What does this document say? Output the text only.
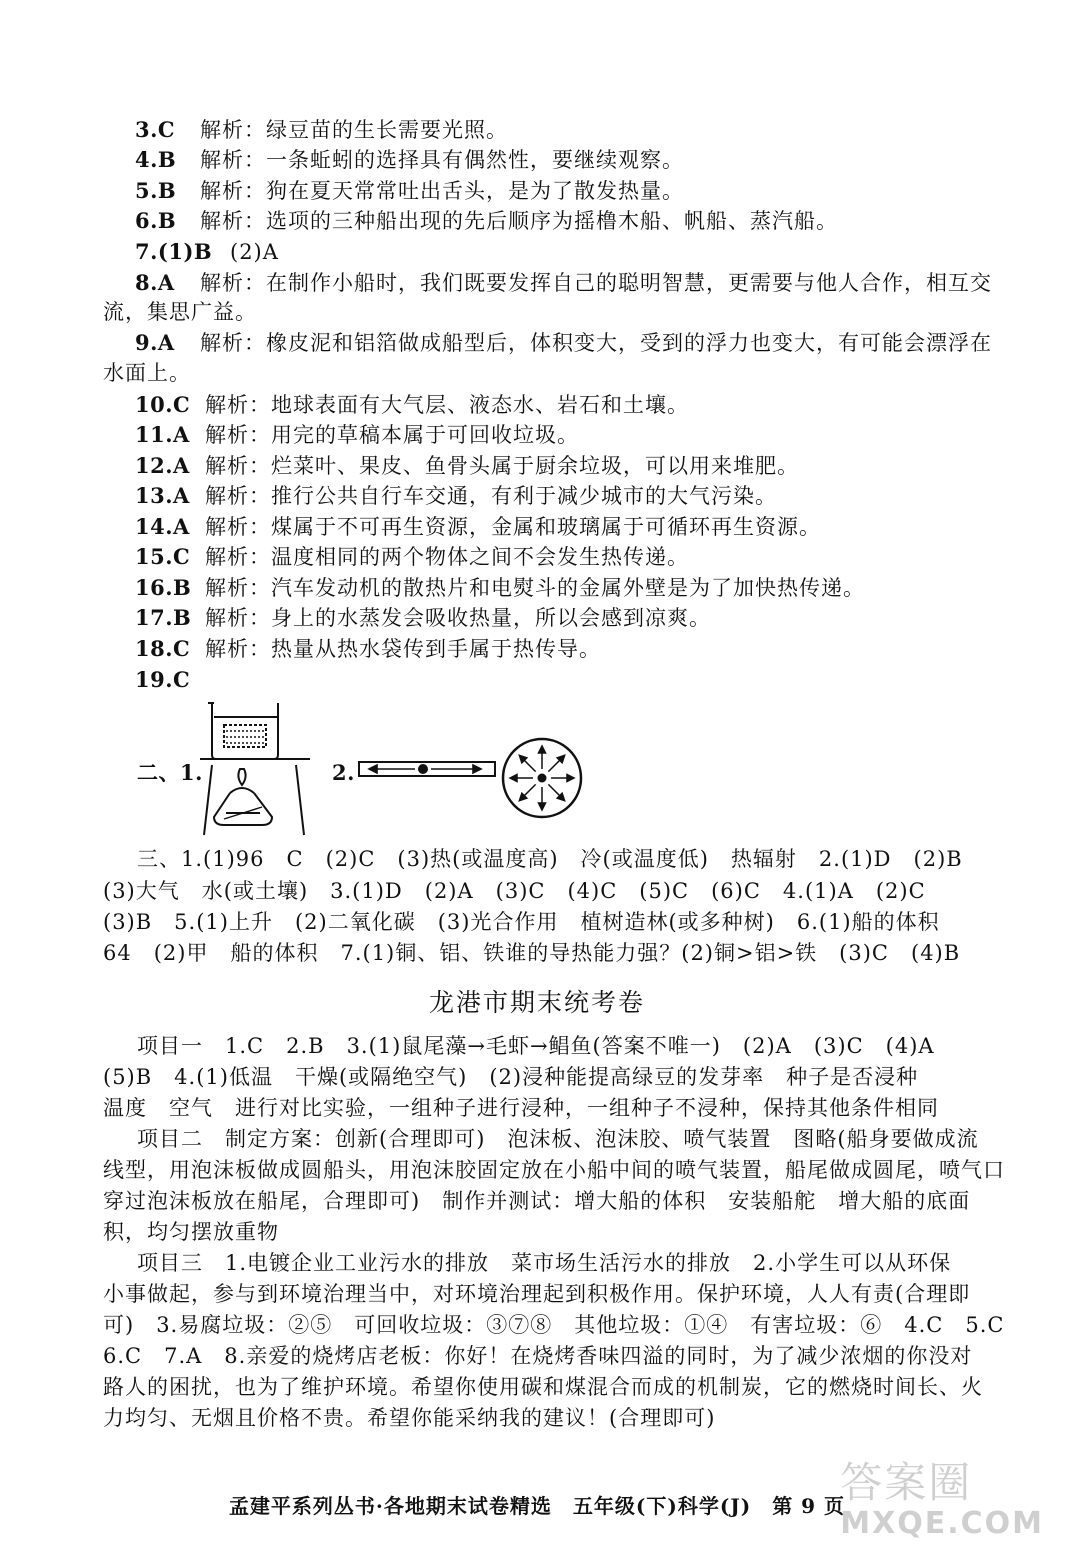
3.C 解析：绿豆苗的生长需要光照。
4.B 解析：一条蚯蚓的选择具有偶然性，要继续观察。
5.B 解析：狗在夏天常常吐出舌头，是为了散发热量。
6.B 解析：选项的三种船出现的先后顺序为摇橹木船、帆船、蒸汽船。
7.(1)B (2)A
8.A 解析：在制作小船时，我们既要发挥自己的聪明智慧，更需要与他人合作，相互交
流，集思广益。
9.A 解析：橡皮泥和铝箔做成船型后，体积变大，受到的浮力也变大，有可能会漂浮在
水面上。
10.C 解析：地球表面有大气层、液态水、岩石和土壤。
11.A 解析：用完的草稿本属于可回收垃圾。
12.A 解析：烂菜叶、果皮、鱼骨头属于厨余垃圾，可以用来堆肥。
13.A 解析：推行公共自行车交通，有利于减少城市的大气污染。
14.A 解析：煤属于不可再生资源，金属和玻璃属于可循环再生资源。
15.C 解析：温度相同的两个物体之间不会发生热传递。
16.B 解析：汽车发动机的散热片和电熨斗的金属外壁是为了加快热传递。
17.B 解析：身上的水蒸发会吸收热量，所以会感到凉爽。
18.C 解析：热量从热水袋传到手属于热传导。
19.C
二、1.	2.
三、1.(1)96　C　(2)C　(3)热(或温度高)　冷(或温度低)　热辐射　2.(1)D　(2)B
(3)大气　水(或土壤)　3.(1)D　(2)A　(3)C　(4)C　(5)C　(6)C　4.(1)A　(2)C
(3)B　5.(1)上升　(2)二氧化碳　(3)光合作用　植树造林(或多种树)　6.(1)船的体积
64　(2)甲　船的体积　7.(1)铜、铝、铁谁的导热能力强？(2)铜>铝>铁　(3)C　(4)B
龙港市期末统考卷
项目一　1.C　2.B　3.(1)鼠尾藻→毛虾→鲳鱼(答案不唯一)　(2)A　(3)C　(4)A
(5)B　4.(1)低温　干燥(或隔绝空气)　(2)浸种能提高绿豆的发芽率　种子是否浸种
温度　空气　进行对比实验，一组种子进行浸种，一组种子不浸种，保持其他条件相同
项目二　制定方案：创新(合理即可)　泡沫板、泡沫胶、喷气装置　图略(船身要做成流
线型，用泡沫板做成圆船头，用泡沫胶固定放在小船中间的喷气装置，船尾做成圆尾，喷气口
穿过泡沫板放在船尾，合理即可)　制作并测试：增大船的体积　安装船舵　增大船的底面
积，均匀摆放重物
项目三　1.电镀企业工业污水的排放　菜市场生活污水的排放　2.小学生可以从环保
小事做起，参与到环境治理当中，对环境治理起到积极作用。保护环境，人人有责(合理即
可)　3.易腐垃圾：②⑤　可回收垃圾：③⑦⑧　其他垃圾：①④　有害垃圾：⑥　4.C　5.C
6.C　7.A　8.亲爱的烧烤店老板：你好！在烧烤香味四溢的同时，为了减少浓烟的你没对
路人的困扰，也为了维护环境。希望你使用碳和煤混合而成的机制炭，它的燃烧时间长、火
力均匀、无烟且价格不贵。希望你能采纳我的建议！(合理即可)
孟建平系列丛书·各地期末试卷精选　五年级(下)科学(J)　第 9 页
答案圈
MXQE.COM
